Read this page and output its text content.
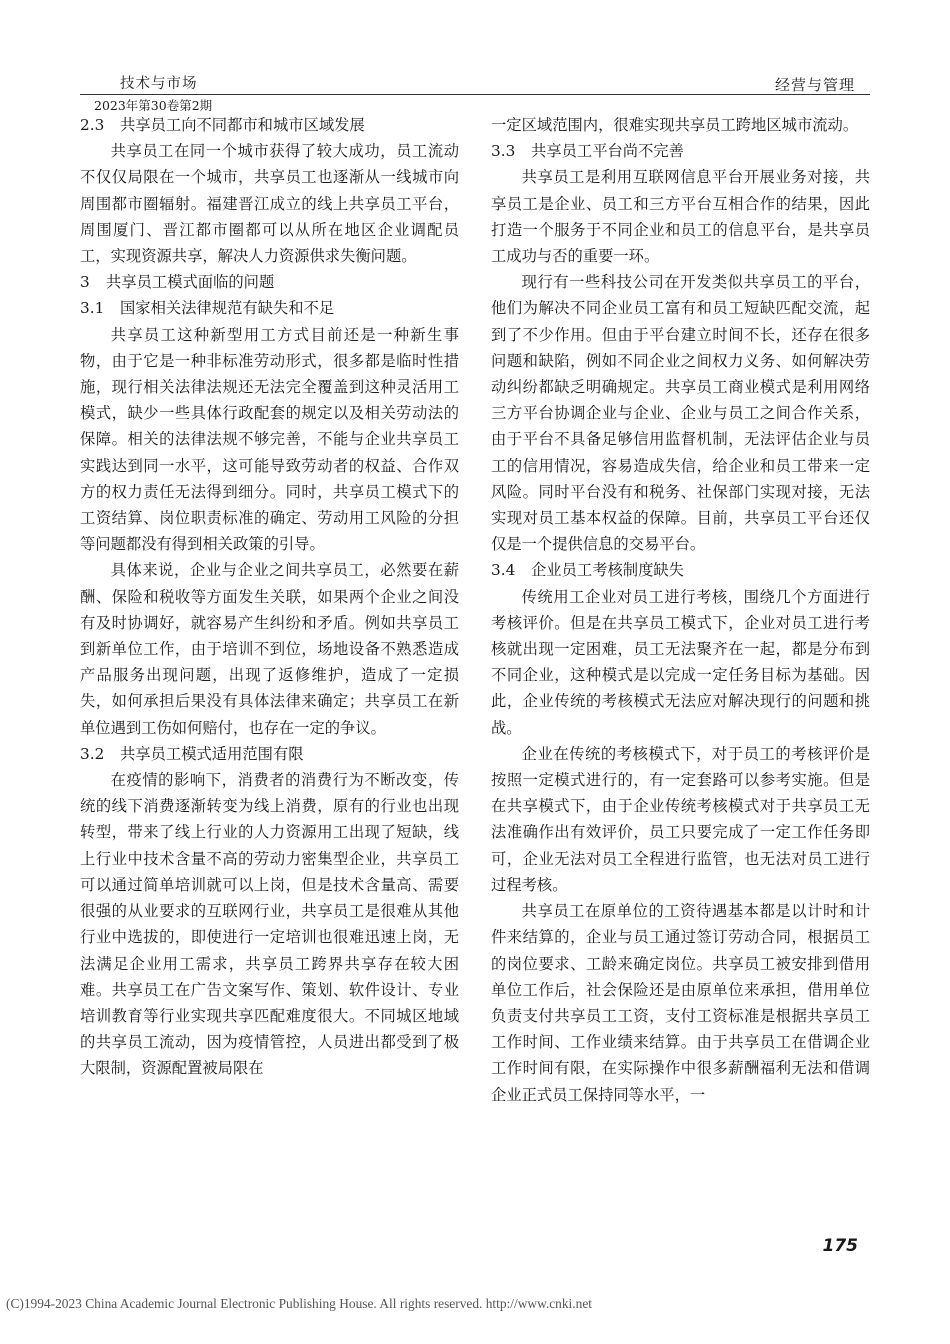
技术与市场
2023年第30卷第2期
经营与管理
2.3 共享员工向不同都市和城市区域发展

共享员工在同一个城市获得了较大成功，员工流动不仅仅局限在一个城市，共享员工也逐渐从一线城市向周围都市圈辐射。福建晋江成立的线上共享员工平台，周围厦门、晋江都市圈都可以从所在地区企业调配员工，实现资源共享，解决人力资源供求失衡问题。

3 共享员工模式面临的问题
3.1 国家相关法律规范有缺失和不足

共享员工这种新型用工方式目前还是一种新生事物，由于它是一种非标准劳动形式，很多都是临时性措施，现行相关法律法规还无法完全覆盖到这种灵活用工模式，缺少一些具体行政配套的规定以及相关劳动法的保障。相关的法律法规不够完善，不能与企业共享员工实践达到同一水平，这可能导致劳动者的权益、合作双方的权力责任无法得到细分。同时，共享员工模式下的工资结算、岗位职责标准的确定、劳动用工风险的分担等问题都没有得到相关政策的引导。

具体来说，企业与企业之间共享员工，必然要在薪酬、保险和税收等方面发生关联，如果两个企业之间没有及时协调好，就容易产生纠纷和矛盾。例如共享员工到新单位工作，由于培训不到位，场地设备不熟悉造成产品服务出现问题，出现了返修维护，造成了一定损失，如何承担后果没有具体法律来确定；共享员工在新单位遇到工伤如何赔付，也存在一定的争议。

3.2 共享员工模式适用范围有限

在疫情的影响下，消费者的消费行为不断改变，传统的线下消费逐渐转变为线上消费，原有的行业也出现转型，带来了线上行业的人力资源用工出现了短缺，线上行业中技术含量不高的劳动力密集型企业，共享员工可以通过简单培训就可以上岗，但是技术含量高、需要很强的从业要求的互联网行业，共享员工是很难从其他行业中选拔的，即使进行一定培训也很难迅速上岗，无法满足企业用工需求，共享员工跨界共享存在较大困难。共享员工在广告文案写作、策划、软件设计、专业培训教育等行业实现共享匹配难度很大。不同城区地域的共享员工流动，因为疫情管控，人员进出都受到了极大限制，资源配置被局限在

一定区域范围内，很难实现共享员工跨地区城市流动。

3.3 共享员工平台尚不完善

共享员工是利用互联网信息平台开展业务对接，共享员工是企业、员工和三方平台互相合作的结果，因此打造一个服务于不同企业和员工的信息平台，是共享员工成功与否的重要一环。

现行有一些科技公司在开发类似共享员工的平台，他们为解决不同企业员工富有和员工短缺匹配交流，起到了不少作用。但由于平台建立时间不长，还存在很多问题和缺陷，例如不同企业之间权力义务、如何解决劳动纠纷都缺乏明确规定。共享员工商业模式是利用网络三方平台协调企业与企业、企业与员工之间合作关系，由于平台不具备足够信用监督机制，无法评估企业与员工的信用情况，容易造成失信，给企业和员工带来一定风险。同时平台没有和税务、社保部门实现对接，无法实现对员工基本权益的保障。目前，共享员工平台还仅仅是一个提供信息的交易平台。

3.4 企业员工考核制度缺失

传统用工企业对员工进行考核，围绕几个方面进行考核评价。但是在共享员工模式下，企业对员工进行考核就出现一定困难，员工无法聚齐在一起，都是分布到不同企业，这种模式是以完成一定任务目标为基础。因此，企业传统的考核模式无法应对解决现行的问题和挑战。

企业在传统的考核模式下，对于员工的考核评价是按照一定模式进行的，有一定套路可以参考实施。但是在共享模式下，由于企业传统考核模式对于共享员工无法准确作出有效评价，员工只要完成了一定工作任务即可，企业无法对员工全程进行监管，也无法对员工进行过程考核。

共享员工在原单位的工资待遇基本都是以计时和计件来结算的，企业与员工通过签订劳动合同，根据员工的岗位要求、工龄来确定岗位。共享员工被安排到借用单位工作后，社会保险还是由原单位来承担，借用单位负责支付共享员工工资，支付工资标准是根据共享员工工作时间、工作业绩来结算。由于共享员工在借调企业工作时间有限，在实际操作中很多薪酬福利无法和借调企业正式员工保持同等水平，一

175
(C)1994-2023 China Academic Journal Electronic Publishing House. All rights reserved. http://www.cnki.net
